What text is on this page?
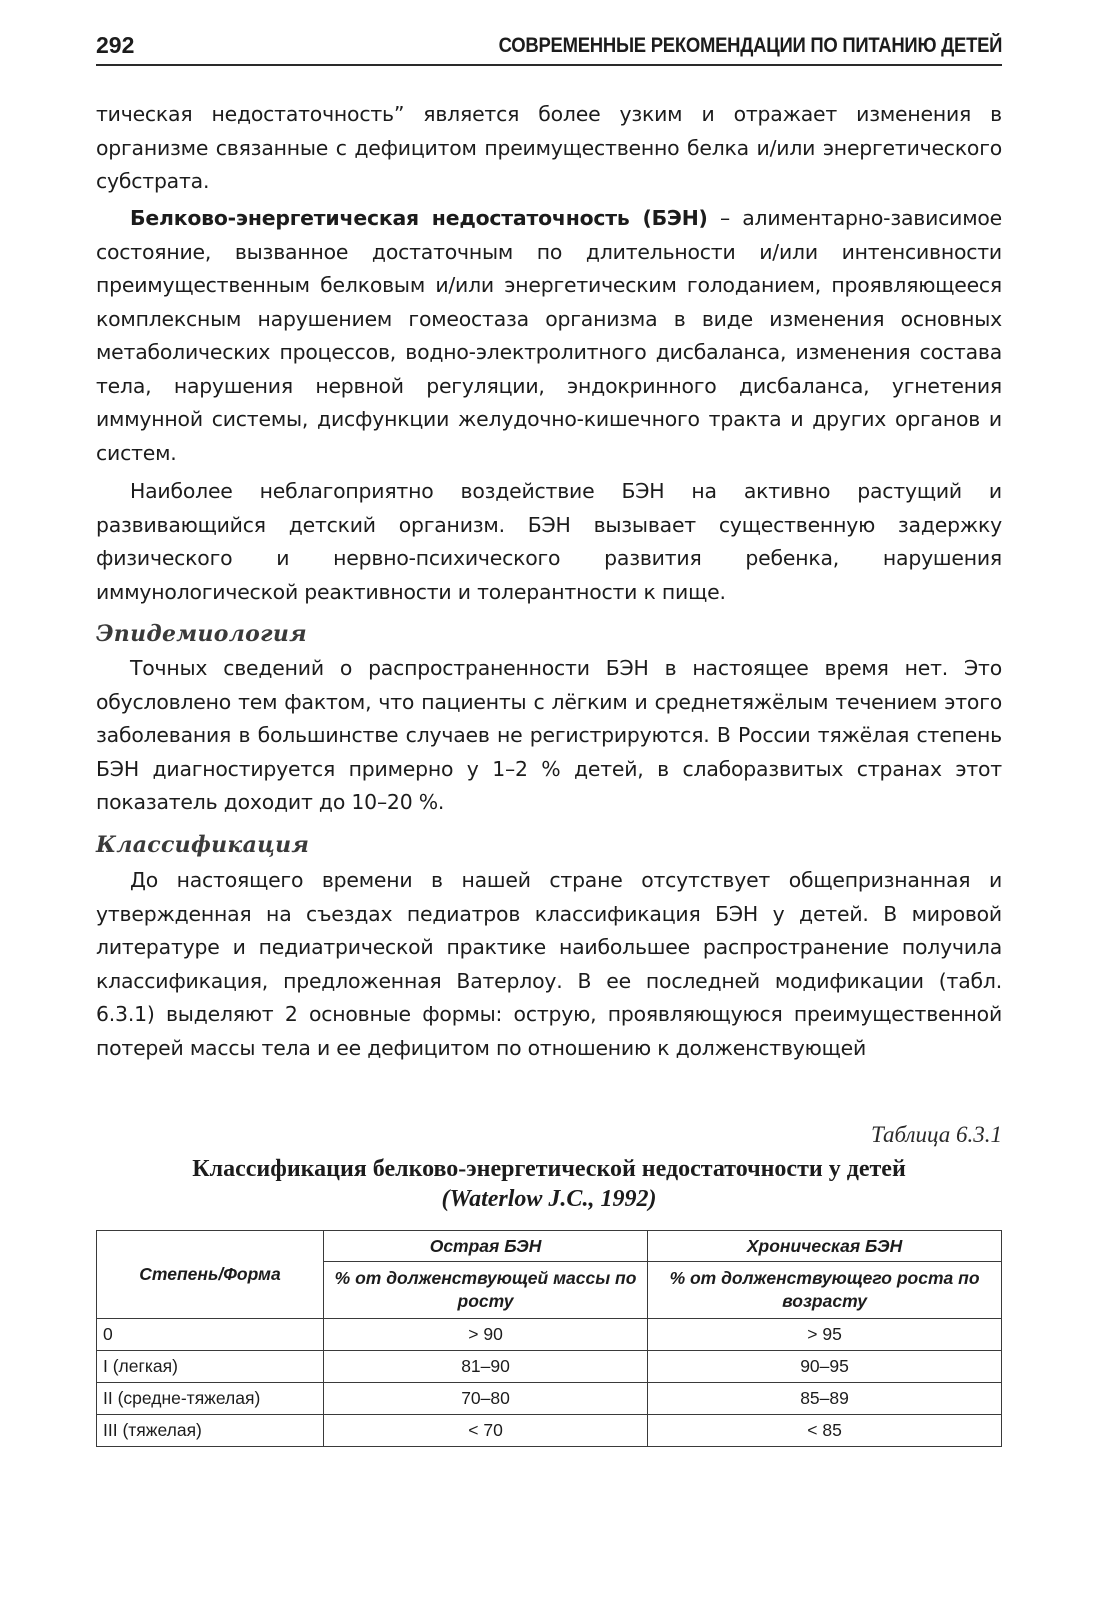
292	СОВРЕМЕННЫЕ РЕКОМЕНДАЦИИ ПО ПИТАНИЮ ДЕТЕЙ

тическая недостаточность” является более узким и отражает изменения в организме связанные с дефицитом преимущественно белка и/или энергетического субстрата.

Белково-энергетическая недостаточность (БЭН) – алиментарно-зависимое состояние, вызванное достаточным по длительности и/или интенсивности преимущественным белковым и/или энергетическим голоданием, проявляющееся комплексным нарушением гомеостаза организма в виде изменения основных метаболических процессов, водно-электролитного дисбаланса, изменения состава тела, нарушения нервной регуляции, эндокринного дисбаланса, угнетения иммунной системы, дисфункции желудочно-кишечного тракта и других органов и систем.

Наиболее неблагоприятно воздействие БЭН на активно растущий и развивающийся детский организм. БЭН вызывает существенную задержку физического и нервно-психического развития ребенка, нарушения иммунологической реактивности и толерантности к пище.

Эпидемиология

Точных сведений о распространенности БЭН в настоящее время нет. Это обусловлено тем фактом, что пациенты с лёгким и среднетяжёлым течением этого заболевания в большинстве случаев не регистрируются. В России тяжёлая степень БЭН диагностируется примерно у 1–2 % детей, в слаборазвитых странах этот показатель доходит до 10–20 %.

Классификация

До настоящего времени в нашей стране отсутствует общепризнанная и утвержденная на съездах педиатров классификация БЭН у детей. В мировой литературе и педиатрической практике наибольшее распространение получила классификация, предложенная Ватерлоу. В ее последней модификации (табл. 6.3.1) выделяют 2 основные формы: острую, проявляющуюся преимущественной потерей массы тела и ее дефицитом по отношению к долженствующей

Таблица 6.3.1
Классификация белково-энергетической недостаточности у детей
(Waterlow J.C., 1992)
Степень/Форма	Острая БЭН	Хроническая БЭН
	% от долженствующей массы по росту	% от долженствующего роста по возрасту
0	> 90	> 95
I (легкая)	81–90	90–95
II (средне-тяжелая)	70–80	85–89
III (тяжелая)	< 70	< 85
